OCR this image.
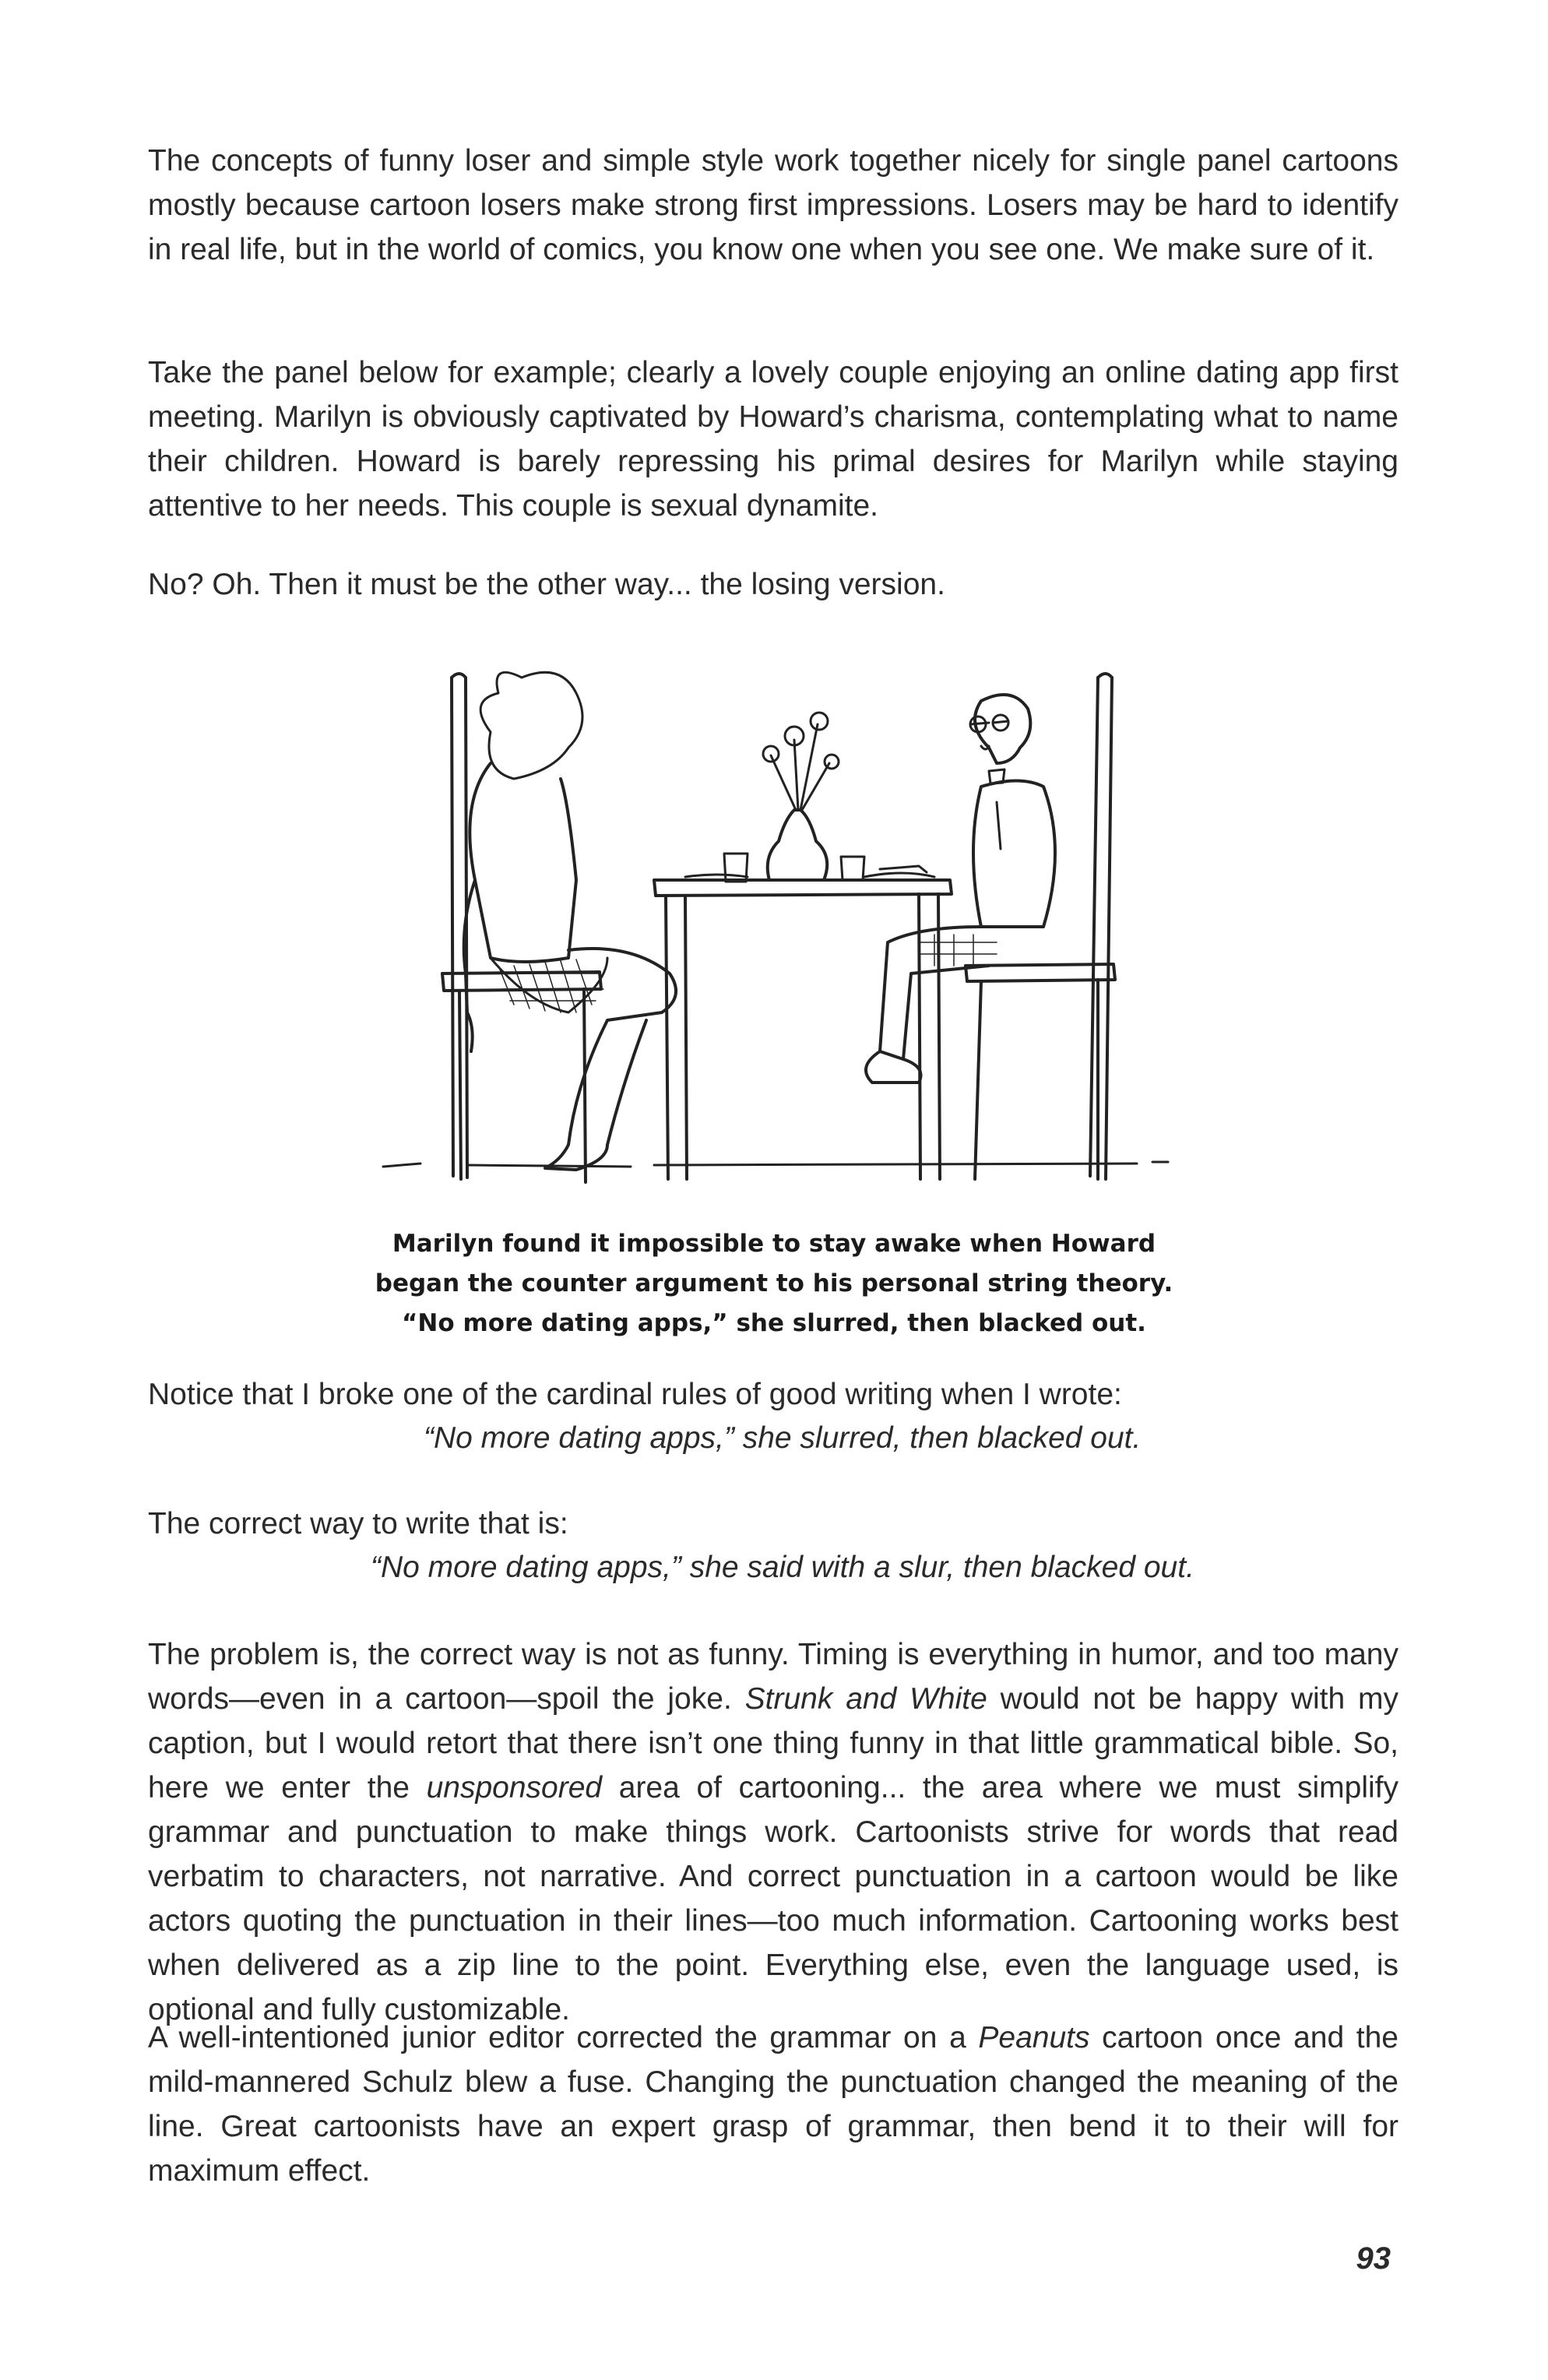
The concepts of funny loser and simple style work together nicely for single panel cartoons mostly because cartoon losers make strong first impressions. Losers may be hard to identify in real life, but in the world of comics, you know one when you see one. We make sure of it.

Take the panel below for example; clearly a lovely couple enjoying an online dating app first meeting. Marilyn is obviously captivated by Howard’s charisma, contemplating what to name their children. Howard is barely repressing his primal desires for Marilyn while staying attentive to her needs. This couple is sexual dynamite.

No? Oh. Then it must be the other way... the losing version.

Marilyn found it impossible to stay awake when Howard
began the counter argument to his personal string theory.
“No more dating apps,” she slurred, then blacked out.

Notice that I broke one of the cardinal rules of good writing when I wrote:

“No more dating apps,” she slurred, then blacked out.

The correct way to write that is:

“No more dating apps,” she said with a slur, then blacked out.

The problem is, the correct way is not as funny. Timing is everything in humor, and too many words—even in a cartoon—spoil the joke. Strunk and White would not be happy with my caption, but I would retort that there isn’t one thing funny in that little grammatical bible. So, here we enter the unsponsored area of cartooning... the area where we must simplify grammar and punctuation to make things work. Cartoonists strive for words that read verbatim to characters, not narrative. And correct punctuation in a cartoon would be like actors quoting the punctuation in their lines—too much information. Cartooning works best when delivered as a zip line to the point. Everything else, even the language used, is optional and fully customizable.

A well-intentioned junior editor corrected the grammar on a Peanuts cartoon once and the mild-mannered Schulz blew a fuse. Changing the punctuation changed the meaning of the line. Great cartoonists have an expert grasp of grammar, then bend it to their will for maximum effect.

93
